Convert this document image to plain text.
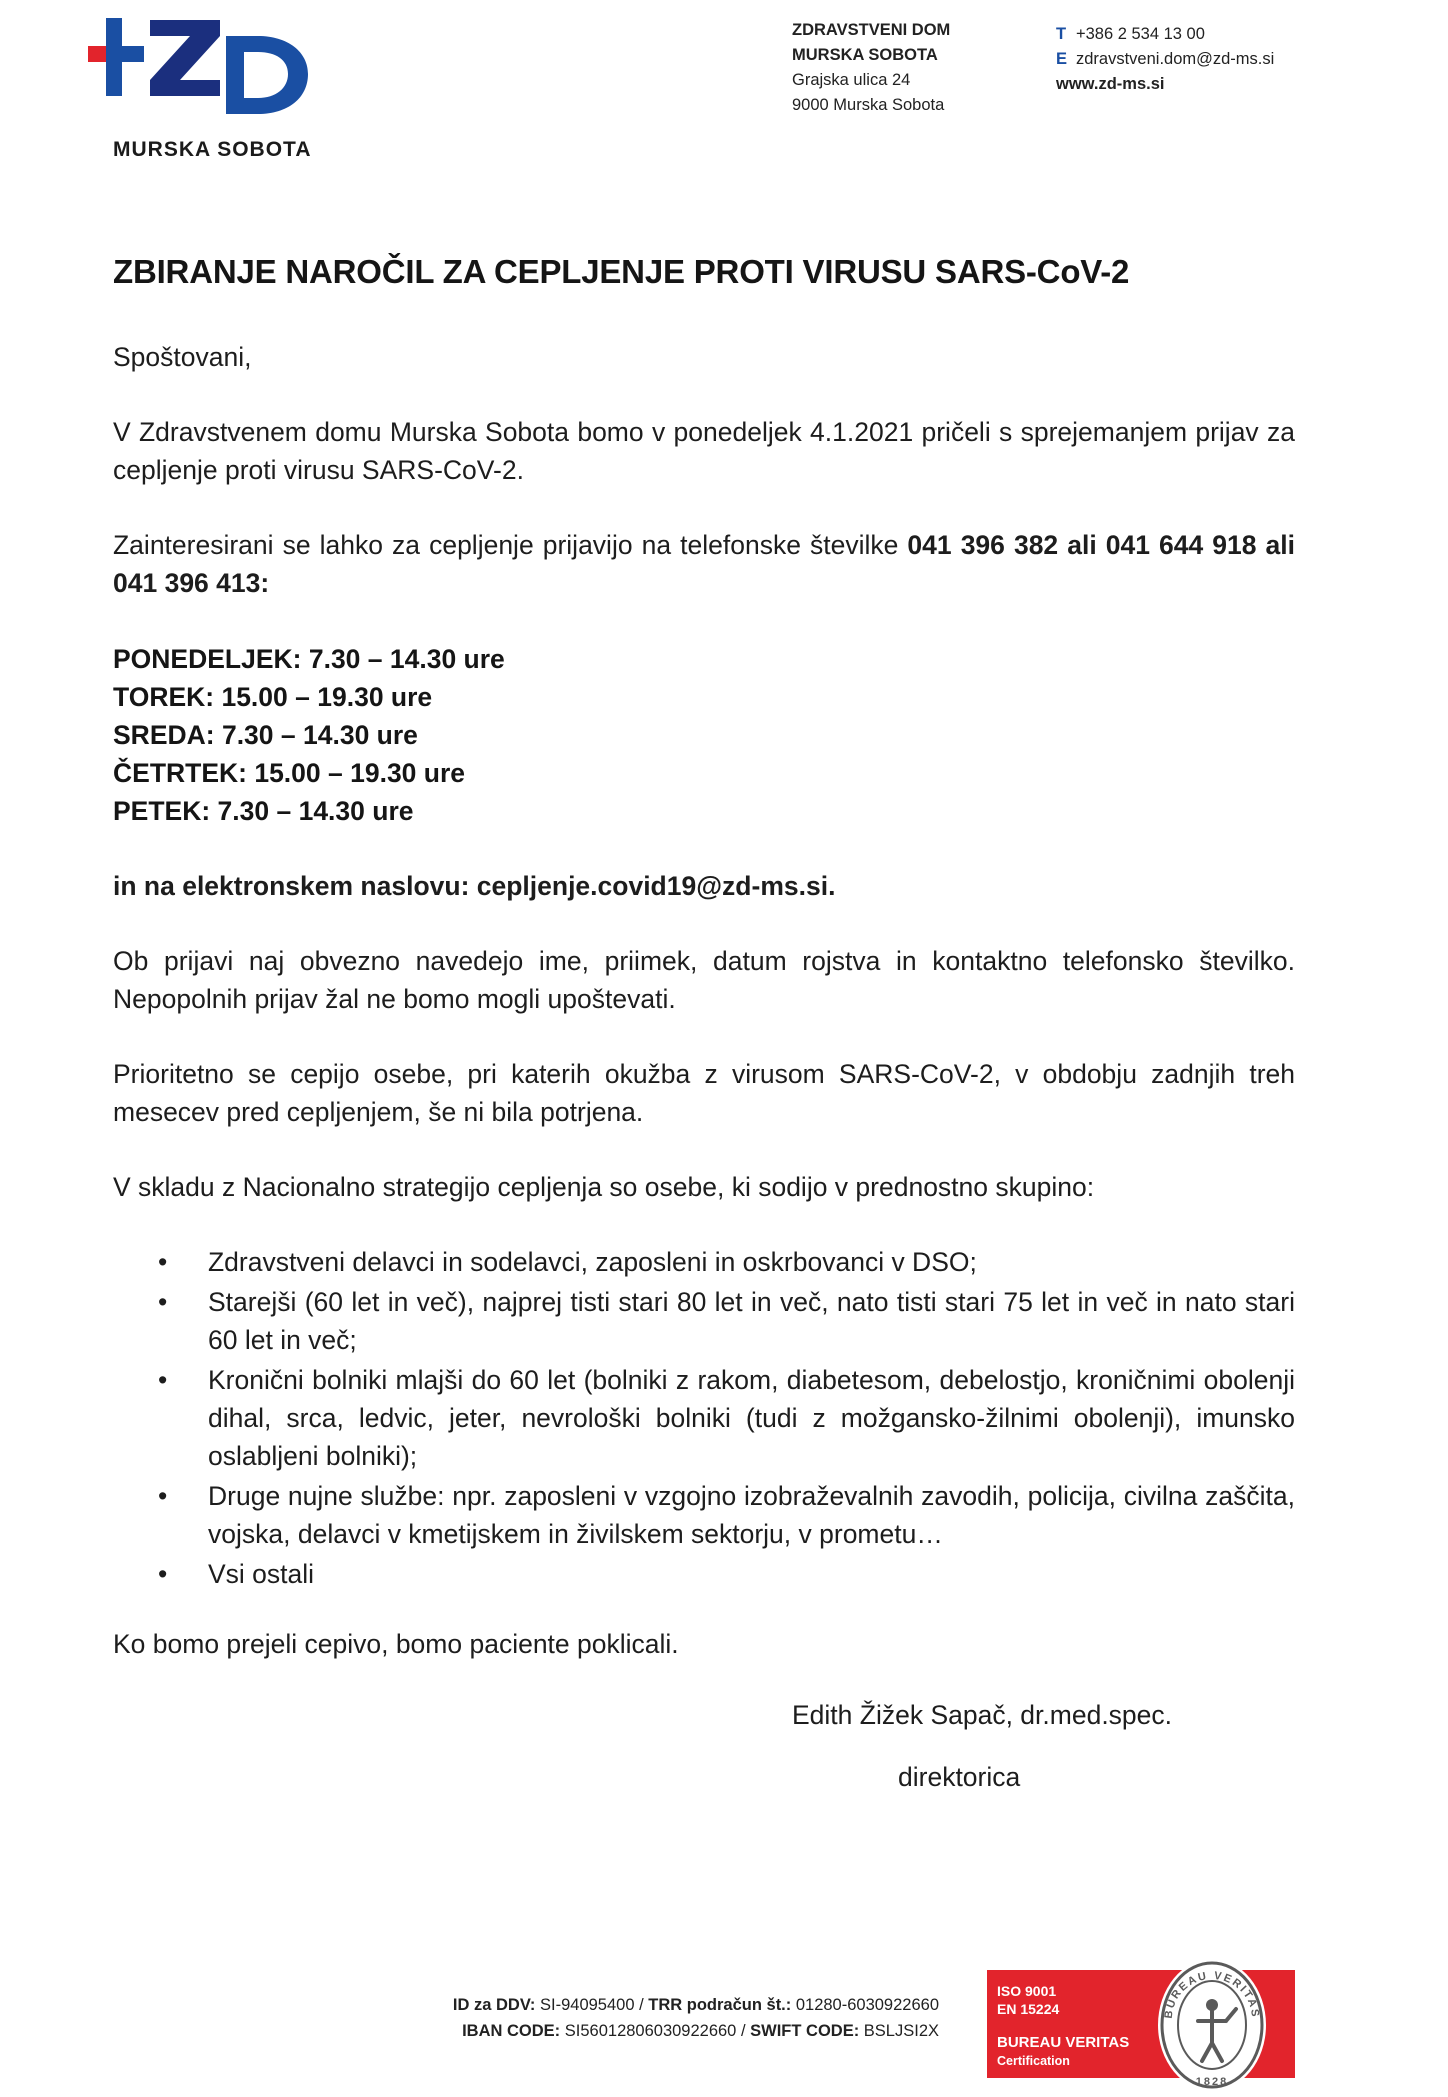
MURSKA SOBOTA
ZDRAVSTVENI DOM
MURSKA SOBOTA
Grajska ulica 24
9000 Murska Sobota
T +386 2 534 13 00
E zdravstveni.dom@zd-ms.si
www.zd-ms.si
ZBIRANJE NAROČIL ZA CEPLJENJE PROTI VIRUSU SARS-CoV-2
Spoštovani,
V Zdravstvenem domu Murska Sobota bomo v ponedeljek 4.1.2021 pričeli s sprejemanjem prijav za cepljenje proti virusu SARS-CoV-2.
Zainteresirani se lahko za cepljenje prijavijo na telefonske številke 041 396 382 ali 041 644 918 ali 041 396 413:
PONEDELJEK: 7.30 – 14.30 ure
TOREK: 15.00 – 19.30 ure
SREDA: 7.30 – 14.30 ure
ČETRTEK: 15.00 – 19.30 ure
PETEK: 7.30 – 14.30 ure
in na elektronskem naslovu: cepljenje.covid19@zd-ms.si.
Ob prijavi naj obvezno navedejo ime, priimek, datum rojstva in kontaktno telefonsko številko. Nepopolnih prijav žal ne bomo mogli upoštevati.
Prioritetno se cepijo osebe, pri katerih okužba z virusom SARS-CoV-2, v obdobju zadnjih treh mesecev pred cepljenjem, še ni bila potrjena.
V skladu z Nacionalno strategijo cepljenja so osebe, ki sodijo v prednostno skupino:
• Zdravstveni delavci in sodelavci, zaposleni in oskrbovanci v DSO;
• Starejši (60 let in več), najprej tisti stari 80 let in več, nato tisti stari 75 let in več in nato stari 60 let in več;
• Kronični bolniki mlajši do 60 let (bolniki z rakom, diabetesom, debelostjo, kroničnimi obolenji dihal, srca, ledvic, jeter, nevrološki bolniki (tudi z možgansko-žilnimi obolenji), imunsko oslabljeni bolniki);
• Druge nujne službe: npr. zaposleni v vzgojno izobraževalnih zavodih, policija, civilna zaščita, vojska, delavci v kmetijskem in živilskem sektorju, v prometu…
• Vsi ostali
Ko bomo prejeli cepivo, bomo paciente poklicali.
Edith Žižek Sapač, dr.med.spec.
direktorica
ID za DDV: SI-94095400 / TRR podračun št.: 01280-6030922660
IBAN CODE: SI56012806030922660 / SWIFT CODE: BSLJSI2X
ISO 9001
EN 15224
BUREAU VERITAS
Certification
BUREAU VERITAS
1828
